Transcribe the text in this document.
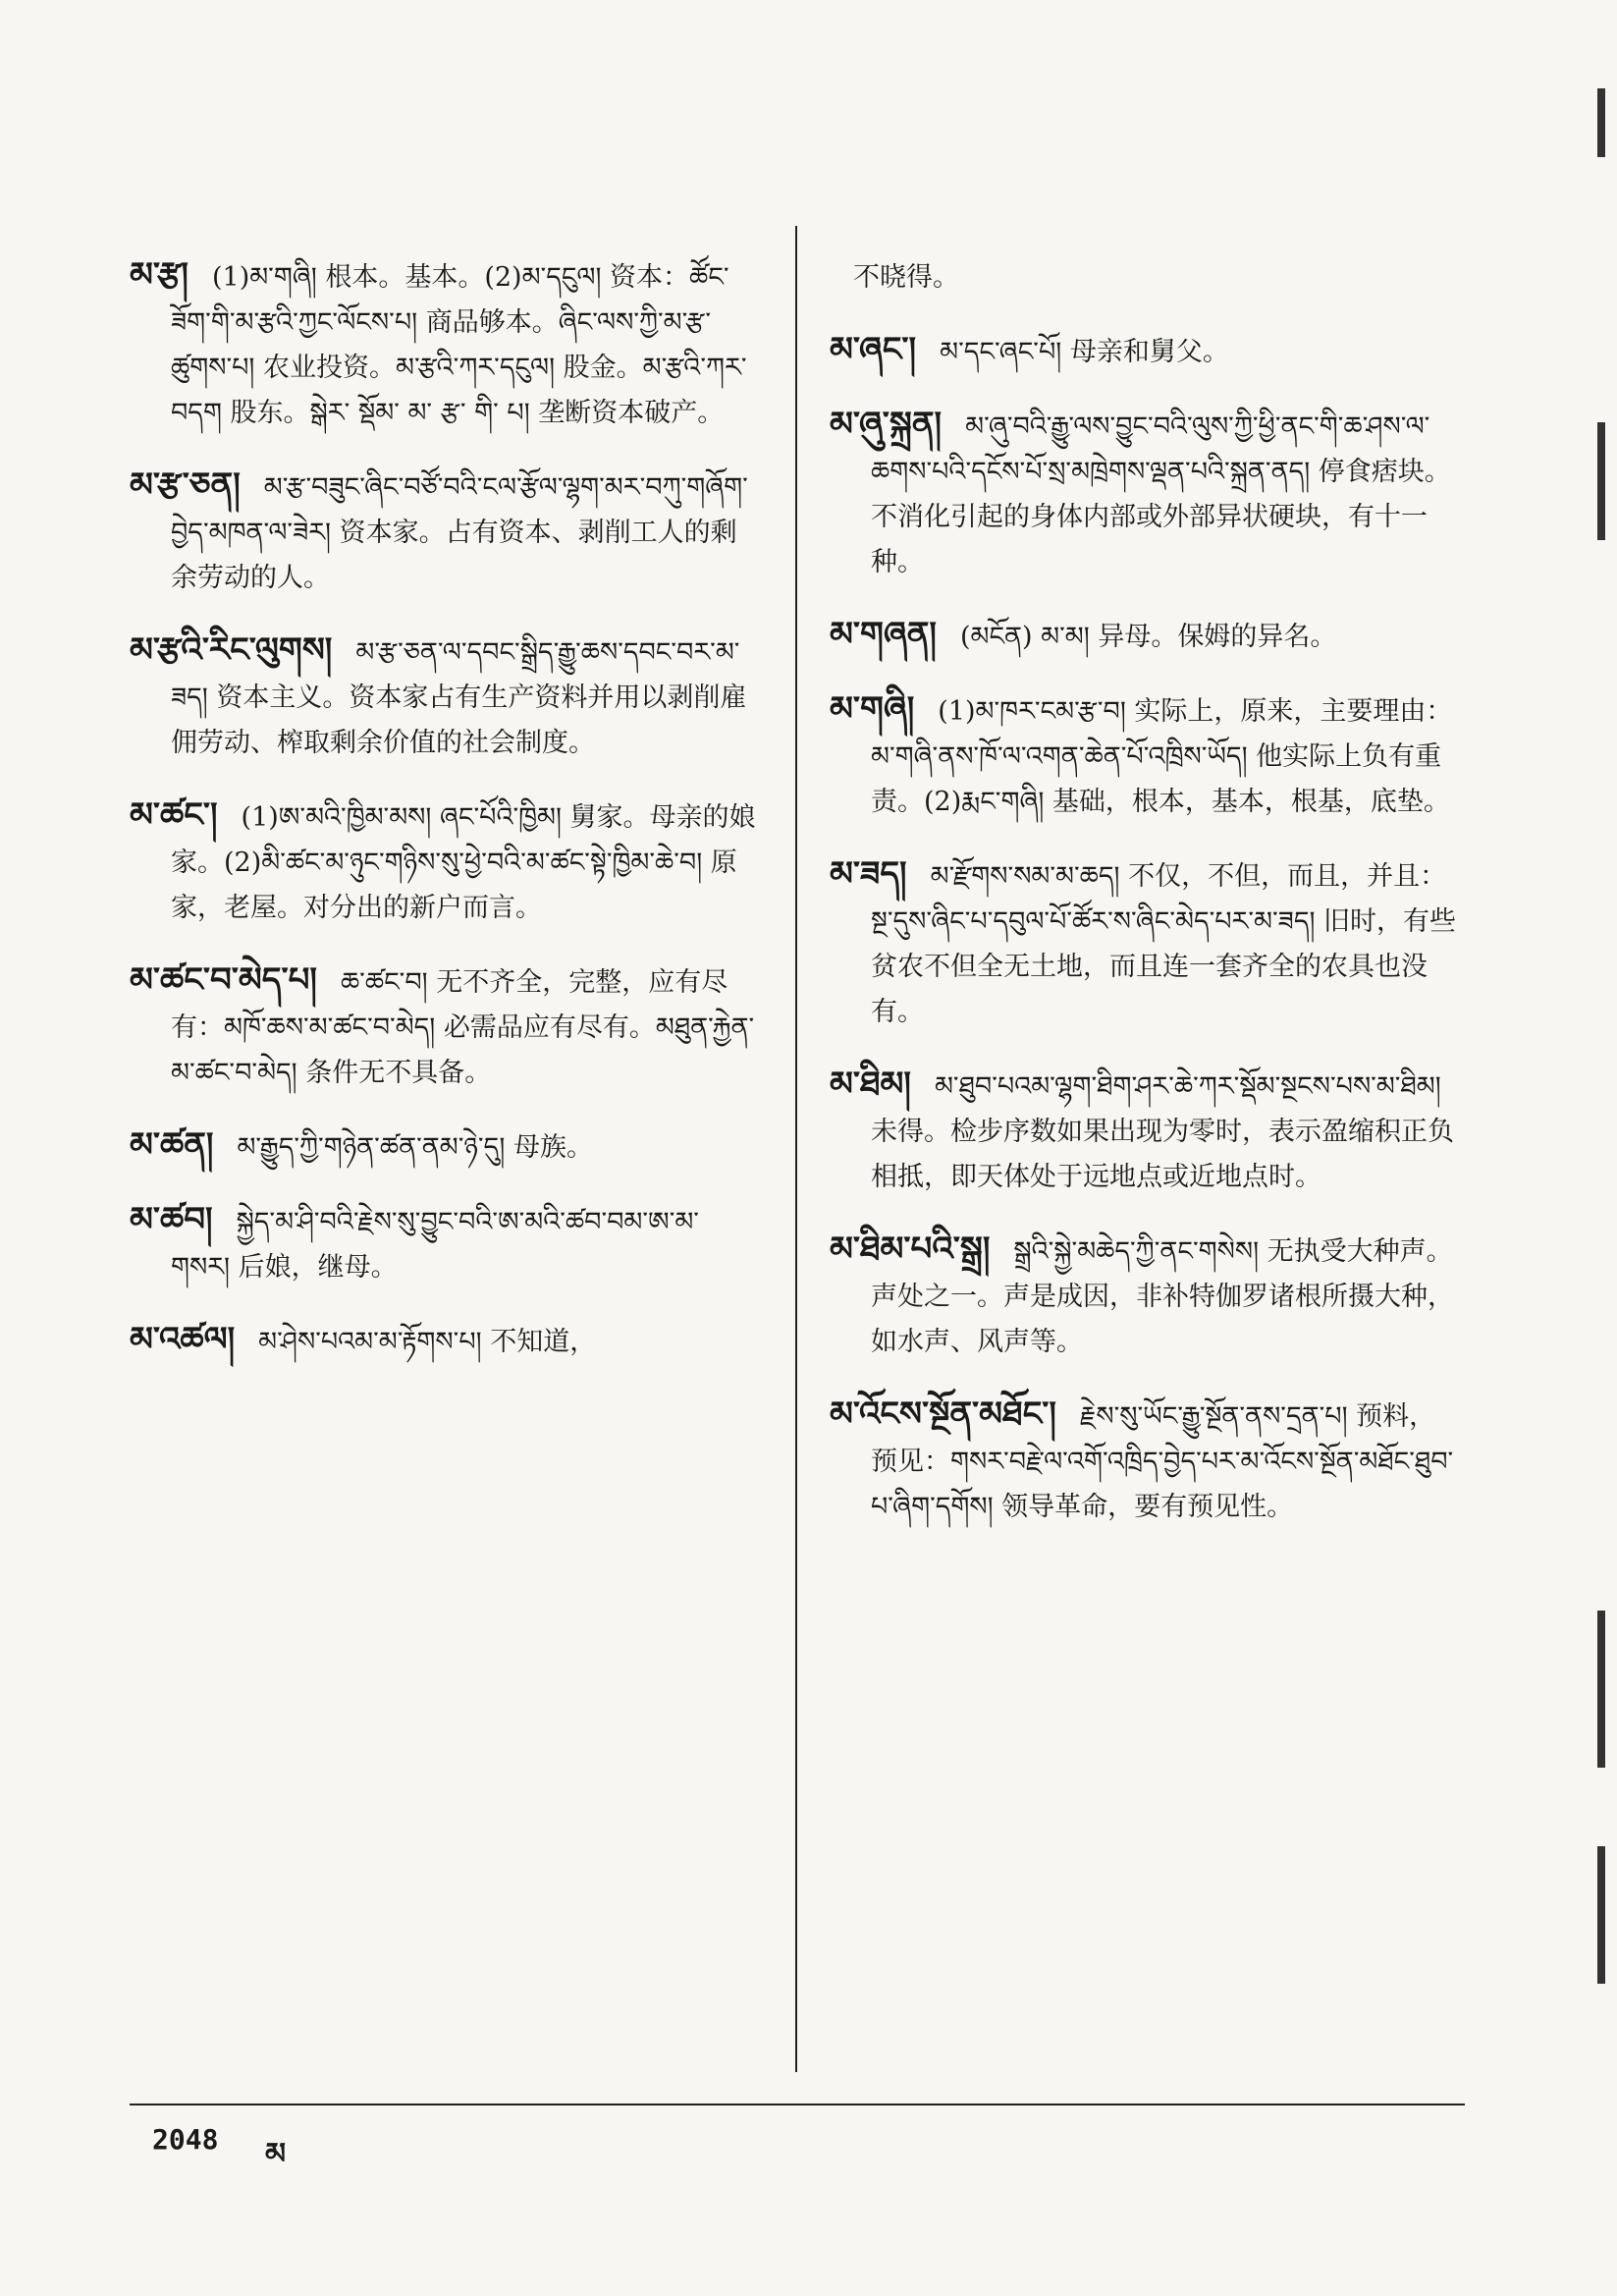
མ་རྩ། (1)མ་གཞི། 根本。基本。(2)མ་དངུལ། 资本：ཚོང་ཟོག་གི་མ་རྩའི་ཀྱང་ལོངས་པ། 商品够本。ཞིང་ལས་ཀྱི་མ་རྩ་ཚུགས་པ། 农业投资。མ་རྩའི་ཀར་དངུལ། 股金。མ་རྩའི་ཀར་བདག 股东。སྒེར་ སྡོམ་ མ་ རྩ་ གི་ པ། 垄断资本破产。

མ་རྩ་ཅན། མ་རྩ་བཟུང་ཞིང་བཙོ་བའི་ངལ་རྩོལ་ལྷག་མར་བཀུ་གཞོག་བྱེད་མཁན་ལ་ཟེར། 资本家。占有资本、剥削工人的剩余劳动的人。

མ་རྩའི་རིང་ལུགས། མ་རྩ་ཅན་ལ་དབང་སྒྲིད་རྒྱུ་ཆས་དབང་བར་མ་ཟད། 资本主义。资本家占有生产资料并用以剥削雇佣劳动、榨取剩余价值的社会制度。

མ་ཚང་། (1)ཨ་མའི་ཁྱིམ་མས། ཞང་པོའི་ཁྱིམ། 舅家。母亲的娘家。(2)མི་ཚང་མ་ཉུང་གཉིས་སུ་ཕྱེ་བའི་མ་ཚང་སྟེ་ཁྱིམ་ཆེ་བ། 原家，老屋。对分出的新户而言。

མ་ཚང་བ་མེད་པ། ཆ་ཚང་བ། 无不齐全，完整，应有尽有：མཁོ་ཆས་མ་ཚང་བ་མེད། 必需品应有尽有。མཐུན་རྐྱེན་མ་ཚང་བ་མེད། 条件无不具备。

མ་ཚན། མ་རྒྱུད་ཀྱི་གཉེན་ཚན་ནམ་ཉེ་དུ། 母族。

མ་ཚབ། སྐྱེད་མ་ཤི་བའི་རྗེས་སུ་བྱུང་བའི་ཨ་མའི་ཚབ་བམ་ཨ་མ་གསར། 后娘，继母。

མ་འཚལ། མ་ཤེས་པའམ་མ་རྟོགས་པ། 不知道，

不晓得。

མ་ཞང་། མ་དང་ཞང་པོ། 母亲和舅父。

མ་ཞུ་སྐྲན། མ་ཞུ་བའི་རྒྱུ་ལས་བྱུང་བའི་ལུས་ཀྱི་ཕྱི་ནང་གི་ཆ་ཤས་ལ་ཆགས་པའི་དངོས་པོ་སྲ་མཁྲེགས་ལྡན་པའི་སྐྲན་ནད། 停食痞块。不消化引起的身体内部或外部异状硬块，有十一种。

མ་གཞན། (མངོན) མ་མ། 异母。保姆的异名。

མ་གཞི། (1)མ་ཁར་ངམ་རྩ་བ། 实际上，原来，主要理由：མ་གཞི་ནས་ཁོ་ལ་འགན་ཆེན་པོ་འཁྲིས་ཡོད། 他实际上负有重责。(2)རྨང་གཞི། 基础，根本，基本，根基，底垫。

མ་ཟད། མ་རྫོགས་སམ་མ་ཆད། 不仅，不但，而且，并且：སྔ་དུས་ཞིང་པ་དབུལ་པོ་ཚོར་ས་ཞིང་མེད་པར་མ་ཟད། 旧时，有些贫农不但全无土地，而且连一套齐全的农具也没有。

མ་ཐིམ། མ་ཐུབ་པའམ་ལྷག་ཐིག་ཤར་ཆེ་ཀར་སྡོམ་སྔངས་པས་མ་ཐིམ། 未得。检步序数如果出现为零时，表示盈缩积正负相抵，即天体处于远地点或近地点时。

མ་ཐིམ་པའི་སྒྲ། སྒྲའི་སྐྱེ་མཆེད་ཀྱི་ནང་གསེས། 无执受大种声。声处之一。声是成因，非补特伽罗诸根所摄大种，如水声、风声等。

མ་འོངས་སྔོན་མཐོང་། རྗེས་སུ་ཡོང་རྒྱུ་སྔོན་ནས་དྲན་པ། 预料，预见：གསར་བརྗེ་ལ་འགོ་འཁྲིད་བྱེད་པར་མ་འོངས་སྔོན་མཐོང་ཐུབ་པ་ཞིག་དགོས། 领导革命，要有预见性。

2048 མ
